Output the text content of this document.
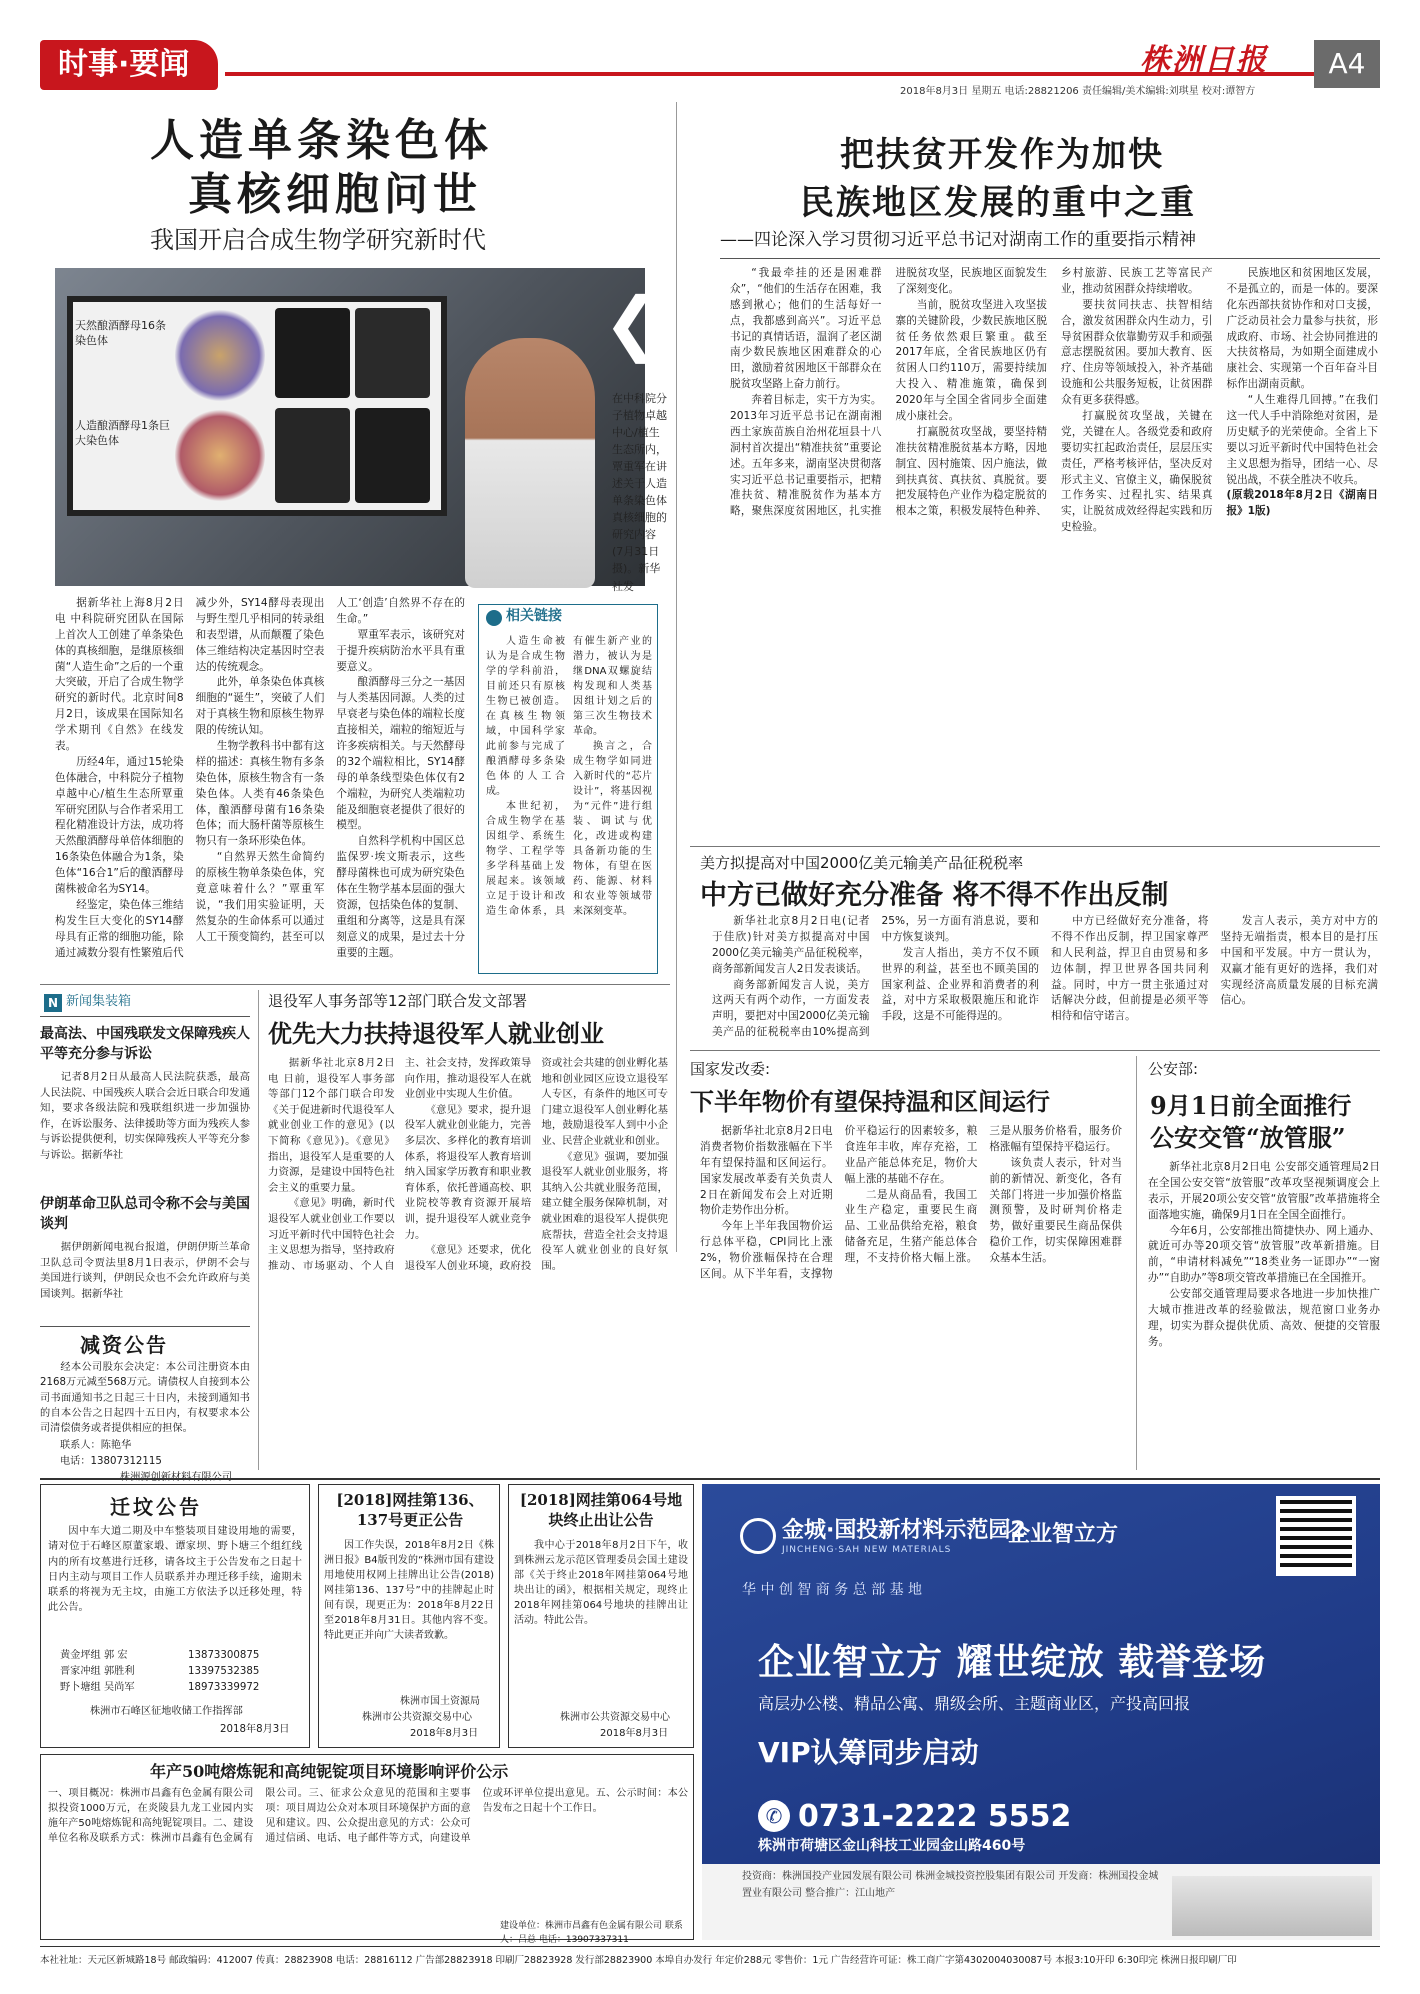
时事·要闻	株洲日报	A4
2018年8月3日 星期五 电话:28821206 责任编辑/美术编辑:刘琪星 校对:谭智方
人造单条染色体
真核细胞问世
我国开启合成生物学研究新时代
天然酿酒酵母16条染色体
人造酿酒酵母1条巨大染色体
❮
在中科院分子植物卓越中心/植生生态所内，覃重军在讲述关于人造单条染色体真核细胞的研究内容(7月31日摄)。新华社发

据新华社上海8月2日电 中科院研究团队在国际上首次人工创建了单条染色体的真核细胞，是继原核细菌“人造生命”之后的一个重大突破，开启了合成生物学研究的新时代。北京时间8月2日，该成果在国际知名学术期刊《自然》在线发表。

历经4年，通过15轮染色体融合，中科院分子植物卓越中心/植生生态所覃重军研究团队与合作者采用工程化精准设计方法，成功将天然酿酒酵母单倍体细胞的16条染色体融合为1条，染色体“16合1”后的酿酒酵母菌株被命名为SY14。

经鉴定，染色体三维结构发生巨大变化的SY14酵母具有正常的细胞功能，除通过减数分裂有性繁殖后代减少外，SY14酵母表现出与野生型几乎相同的转录组和表型谱，从而颠覆了染色体三维结构决定基因时空表达的传统观念。

此外，单条染色体真核细胞的“诞生”，突破了人们对于真核生物和原核生物界限的传统认知。

生物学教科书中都有这样的描述：真核生物有多条染色体，原核生物含有一条染色体。人类有46条染色体，酿酒酵母菌有16条染色体；而大肠杆菌等原核生物只有一条环形染色体。

“自然界天然生命简约的原核生物单条染色体，究竟意味着什么？”覃重军说，“我们用实验证明，天然复杂的生命体系可以通过人工干预变简约，甚至可以人工‘创造’自然界不存在的生命。”

覃重军表示，该研究对于提升疾病防治水平具有重要意义。

酿酒酵母三分之一基因与人类基因同源。人类的过早衰老与染色体的端粒长度直接相关，端粒的缩短近与许多疾病相关。与天然酵母的32个端粒相比，SY14酵母的单条线型染色体仅有2个端粒，为研究人类端粒功能及细胞衰老提供了很好的模型。

自然科学机构中国区总监保罗·埃文斯表示，这些酵母菌株也可成为研究染色体在生物学基本层面的强大资源，包括染色体的复制、重组和分离等，这是具有深刻意义的成果，是过去十分重要的主题。

相关链接

人造生命被认为是合成生物学的学科前沿，目前还只有原核生物已被创造。在真核生物领域，中国科学家此前参与完成了酿酒酵母多条染色体的人工合成。

本世纪初，合成生物学在基因组学、系统生物学、工程学等多学科基础上发展起来。该领域立足于设计和改造生命体系，具有催生新产业的潜力，被认为是继DNA双螺旋结构发现和人类基因组计划之后的第三次生物技术革命。

换言之，合成生物学如同进入新时代的“芯片设计”，将基因视为“元件”进行组装、调试与优化，改进或构建具备新功能的生物体，有望在医药、能源、材料和农业等领域带来深刻变革。

把扶贫开发作为加快
民族地区发展的重中之重
——四论深入学习贯彻习近平总书记对湖南工作的重要指示精神

“我最牵挂的还是困难群众”，“他们的生活存在困难，我感到揪心；他们的生活每好一点，我都感到高兴”。习近平总书记的真情话语，温润了老区湖南少数民族地区困难群众的心田，激励着贫困地区干部群众在脱贫攻坚路上奋力前行。

奔着目标走，实干方为实。2013年习近平总书记在湖南湘西土家族苗族自治州花垣县十八洞村首次提出“精准扶贫”重要论述。五年多来，湖南坚决贯彻落实习近平总书记重要指示，把精准扶贫、精准脱贫作为基本方略，聚焦深度贫困地区，扎实推进脱贫攻坚，民族地区面貌发生了深刻变化。

当前，脱贫攻坚进入攻坚拔寨的关键阶段，少数民族地区脱贫任务依然艰巨繁重。截至2017年底，全省民族地区仍有贫困人口约110万，需要持续加大投入、精准施策，确保到2020年与全国全省同步全面建成小康社会。

打赢脱贫攻坚战，要坚持精准扶贫精准脱贫基本方略，因地制宜、因村施策、因户施法，做到扶真贫、真扶贫、真脱贫。要把发展特色产业作为稳定脱贫的根本之策，积极发展特色种养、乡村旅游、民族工艺等富民产业，推动贫困群众持续增收。

要扶贫同扶志、扶智相结合，激发贫困群众内生动力，引导贫困群众依靠勤劳双手和顽强意志摆脱贫困。要加大教育、医疗、住房等领域投入，补齐基础设施和公共服务短板，让贫困群众有更多获得感。

打赢脱贫攻坚战，关键在党，关键在人。各级党委和政府要切实扛起政治责任，层层压实责任，严格考核评估，坚决反对形式主义、官僚主义，确保脱贫工作务实、过程扎实、结果真实，让脱贫成效经得起实践和历史检验。

民族地区和贫困地区发展，不是孤立的，而是一体的。要深化东西部扶贫协作和对口支援，广泛动员社会力量参与扶贫，形成政府、市场、社会协同推进的大扶贫格局，为如期全面建成小康社会、实现第一个百年奋斗目标作出湖南贡献。

“人生难得几回搏。”在我们这一代人手中消除绝对贫困，是历史赋予的光荣使命。全省上下要以习近平新时代中国特色社会主义思想为指导，团结一心、尽锐出战，不获全胜决不收兵。

(原载2018年8月2日《湖南日报》1版)

美方拟提高对中国2000亿美元输美产品征税税率
中方已做好充分准备 将不得不作出反制

新华社北京8月2日电(记者 于佳欣)针对美方拟提高对中国2000亿美元输美产品征税税率，商务部新闻发言人2日发表谈话。

商务部新闻发言人说，美方这两天有两个动作，一方面发表声明，要把对中国2000亿美元输美产品的征税税率由10%提高到25%，另一方面有消息说，要和中方恢复谈判。

发言人指出，美方不仅不顾世界的利益，甚至也不顾美国的国家利益、企业界和消费者的利益，对中方采取极限施压和讹诈手段，这是不可能得逞的。

中方已经做好充分准备，将不得不作出反制，捍卫国家尊严和人民利益，捍卫自由贸易和多边体制，捍卫世界各国共同利益。同时，中方一贯主张通过对话解决分歧，但前提是必须平等相待和信守诺言。

发言人表示，美方对中方的坚持无端指责，根本目的是打压中国和平发展。中方一贯认为，双赢才能有更好的选择，我们对实现经济高质量发展的目标充满信心。

国家发改委:
下半年物价有望保持温和区间运行

据新华社北京8月2日电 消费者物价指数涨幅在下半年有望保持温和区间运行。国家发展改革委有关负责人2日在新闻发布会上对近期物价走势作出分析。

今年上半年我国物价运行总体平稳，CPI同比上涨2%，物价涨幅保持在合理区间。从下半年看，支撑物价平稳运行的因素较多，粮食连年丰收，库存充裕，工业品产能总体充足，物价大幅上涨的基础不存在。

二是从商品看，我国工业生产稳定，重要民生商品、工业品供给充裕，粮食储备充足，生猪产能总体合理，不支持价格大幅上涨。三是从服务价格看，服务价格涨幅有望保持平稳运行。

该负责人表示，针对当前的新情况、新变化，各有关部门将进一步加强价格监测预警，及时研判价格走势，做好重要民生商品保供稳价工作，切实保障困难群众基本生活。

公安部:
9月1日前全面推行
公安交管“放管服”

新华社北京8月2日电 公安部交通管理局2日在全国公安交管“放管服”改革攻坚视频调度会上表示，开展20项公安交管“放管服”改革措施将全面落地实施，确保9月1日在全国全面推行。

今年6月，公安部推出简捷快办、网上通办、就近可办等20项交管“放管服”改革新措施。目前，“申请材料减免”“18类业务一证即办”“一窗办”“自助办”等8项交管改革措施已在全国推开。

公安部交通管理局要求各地进一步加快推广大城市推进改革的经验做法，规范窗口业务办理，切实为群众提供优质、高效、便捷的交管服务。

N 新闻集装箱
最高法、中国残联发文保障残疾人平等充分参与诉讼
记者8月2日从最高人民法院获悉，最高人民法院、中国残疾人联合会近日联合印发通知，要求各级法院和残联组织进一步加强协作，在诉讼服务、法律援助等方面为残疾人参与诉讼提供便利，切实保障残疾人平等充分参与诉讼。据新华社
伊朗革命卫队总司令称不会与美国谈判
据伊朗新闻电视台报道，伊朗伊斯兰革命卫队总司令贾法里8月1日表示，伊朗不会与美国进行谈判，伊朗民众也不会允许政府与美国谈判。据新华社
减资公告
经本公司股东会决定：本公司注册资本由2168万元减至568万元。请债权人自接到本公司书面通知书之日起三十日内，未接到通知书的自本公告之日起四十五日内，有权要求本公司清偿债务或者提供相应的担保。
联系人：陈艳华
电话：13807312115
退役军人事务部等12部门联合发文部署
优先大力扶持退役军人就业创业

据新华社北京8月2日电 日前，退役军人事务部等部门12个部门联合印发《关于促进新时代退役军人就业创业工作的意见》(以下简称《意见》)。《意见》指出，退役军人是重要的人力资源，是建设中国特色社会主义的重要力量。

《意见》明确，新时代退役军人就业创业工作要以习近平新时代中国特色社会主义思想为指导，坚持政府推动、市场驱动、个人自主、社会支持，发挥政策导向作用，推动退役军人在就业创业中实现人生价值。

《意见》要求，提升退役军人就业创业能力，完善多层次、多样化的教育培训体系，将退役军人教育培训纳入国家学历教育和职业教育体系，依托普通高校、职业院校等教育资源开展培训，提升退役军人就业竞争力。

《意见》还要求，优化退役军人创业环境，政府投资或社会共建的创业孵化基地和创业园区应设立退役军人专区，有条件的地区可专门建立退役军人创业孵化基地，鼓励退役军人到中小企业、民营企业就业和创业。

《意见》强调，要加强退役军人就业创业服务，将其纳入公共就业服务范围，建立健全服务保障机制，对就业困难的退役军人提供兜底帮扶，营造全社会支持退役军人就业创业的良好氛围。

迁坟公告
因中车大道二期及中车整装项目建设用地的需要，请对位于石峰区原董家塅、谭家坝、野卜塘三个组红线内的所有坟墓进行迁移，请各坟主于公告发布之日起十日内主动与项目工作人员联系并办理迁移手续，逾期未联系的将视为无主坟，由施工方依法予以迁移处理，特此公告。
黄金坪组 郭 宏	13873300875
晋家冲组 郭胜利	13397532385
野卜塘组 吴尚军	18973339972
株洲市石峰区征地收储工作指挥部
2018年8月3日
[2018]网挂第136、137号更正公告
因工作失误，2018年8月2日《株洲日报》B4版刊发的“株洲市国有建设用地使用权网上挂牌出让公告(2018)网挂第136、137号”中的挂牌起止时间有误，现更正为：2018年8月22日至2018年8月31日。其他内容不变。特此更正并向广大读者致歉。
株洲市国土资源局
株洲市公共资源交易中心
2018年8月3日
[2018]网挂第064号地块终止出让公告
我中心于2018年8月2日下午，收到株洲云龙示范区管理委员会国土建设部《关于终止2018年网挂第064号地块出让的函》，根据相关规定，现终止2018年网挂第064号地块的挂牌出让活动。特此公告。
株洲市公共资源交易中心
2018年8月3日
年产50吨熔炼铌和高纯铌锭项目环境影响评价公示
一、项目概况：株洲市昌鑫有色金属有限公司拟投资1000万元，在炎陵县九龙工业园内实施年产50吨熔炼铌和高纯铌锭项目。二、建设单位名称及联系方式：株洲市昌鑫有色金属有限公司。三、征求公众意见的范围和主要事项：项目周边公众对本项目环境保护方面的意见和建议。四、公众提出意见的方式：公众可通过信函、电话、电子邮件等方式，向建设单位或环评单位提出意见。五、公示时间：本公告发布之日起十个工作日。
建设单位：株洲市昌鑫有色金属有限公司 联系人：吕总 电话：13907337311
金城·国投新材料示范园2
JINCHENG·SAH NEW MATERIALS
企业智立方
华 中 创 智 商 务 总 部 基 地
企业智立方 耀世绽放 载誉登场
高层办公楼、精品公寓、鼎级会所、主题商业区，产投高回报
VIP认筹同步启动
✆ 0731-2222 5552
株洲市荷塘区金山科技工业园金山路460号
投资商：株洲国投产业园发展有限公司 株洲金城投资控股集团有限公司 开发商：株洲国投金城置业有限公司 整合推广：江山地产
本社社址：天元区新城路18号 邮政编码：412007 传真：28823908 电话：28816112 广告部28823918 印刷厂28823928 发行部28823900 本埠自办发行 年定价288元 零售价：1元 广告经营许可证：株工商广字第4302004030087号 本报3:10开印 6:30印完 株洲日报印刷厂印
